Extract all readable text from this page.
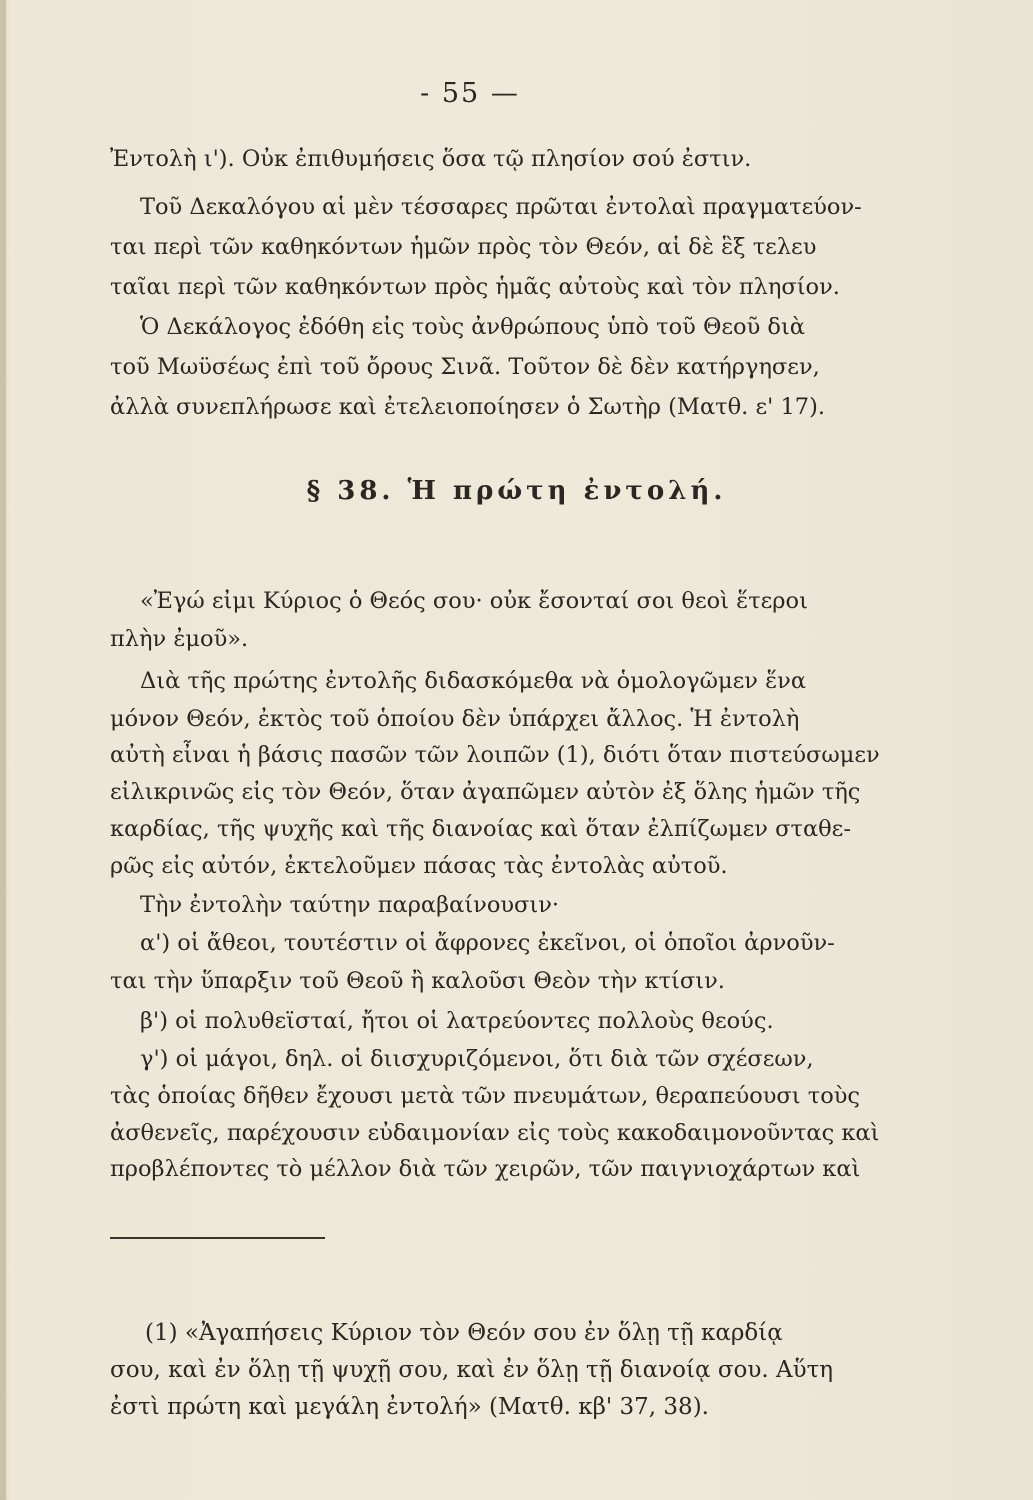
- 55 —
Ἐντολὴ ι'). Οὐκ ἐπιθυμήσεις ὅσα τῷ πλησίον σού ἐστιν.
Τοῦ Δεκαλόγου αἱ μὲν τέσσαρες πρῶται ἐντολαὶ πραγματεύον-
ται περὶ τῶν καθηκόντων ἡμῶν πρὸς τὸν Θεόν, αἱ δὲ ἓξ τελευ
ταῖαι περὶ τῶν καθηκόντων πρὸς ἡμᾶς αὐτοὺς καὶ τὸν πλησίον.
Ὁ Δεκάλογος ἐδόθη εἰς τοὺς ἀνθρώπους ὑπὸ τοῦ Θεοῦ διὰ
τοῦ Μωϋσέως ἐπὶ τοῦ ὄρους Σινᾶ. Τοῦτον δὲ δὲν κατήργησεν,
ἀλλὰ συνεπλήρωσε καὶ ἐτελειοποίησεν ὁ Σωτὴρ (Ματθ. ε' 17).
§ 38. Ἡ πρώτη ἐντολή.
«Ἐγώ εἰμι Κύριος ὁ Θεός σου· οὐκ ἔσονταί σοι θεοὶ ἕτεροι
πλὴν ἐμοῦ».
Διὰ τῆς πρώτης ἐντολῆς διδασκόμεθα νὰ ὁμολογῶμεν ἕνα
μόνον Θεόν, ἐκτὸς τοῦ ὁποίου δὲν ὑπάρχει ἄλλος. Ἡ ἐντολὴ
αὐτὴ εἶναι ἡ βάσις πασῶν τῶν λοιπῶν (1), διότι ὅταν πιστεύσωμεν
εἰλικρινῶς εἰς τὸν Θεόν, ὅταν ἀγαπῶμεν αὐτὸν ἐξ ὅλης ἡμῶν τῆς
καρδίας, τῆς ψυχῆς καὶ τῆς διανοίας καὶ ὅταν ἐλπίζωμεν σταθε-
ρῶς εἰς αὐτόν, ἐκτελοῦμεν πάσας τὰς ἐντολὰς αὐτοῦ.
Τὴν ἐντολὴν ταύτην παραβαίνουσιν·
α') οἱ ἄθεοι, τουτέστιν οἱ ἄφρονες ἐκεῖνοι, οἱ ὁποῖοι ἀρνοῦν-
ται τὴν ὕπαρξιν τοῦ Θεοῦ ἢ καλοῦσι Θεὸν τὴν κτίσιν.
β') οἱ πολυθεϊσταί, ἤτοι οἱ λατρεύοντες πολλοὺς θεούς.
γ') οἱ μάγοι, δηλ. οἱ διισχυριζόμενοι, ὅτι διὰ τῶν σχέσεων,
τὰς ὁποίας δῆθεν ἔχουσι μετὰ τῶν πνευμάτων, θεραπεύουσι τοὺς
ἀσθενεῖς, παρέχουσιν εὐδαιμονίαν εἰς τοὺς κακοδαιμονοῦντας καὶ
προβλέποντες τὸ μέλλον διὰ τῶν χειρῶν, τῶν παιγνιοχάρτων καὶ
(1) «Ἀγαπήσεις Κύριον τὸν Θεόν σου ἐν ὅλῃ τῇ καρδίᾳ
σου, καὶ ἐν ὅλῃ τῇ ψυχῇ σου, καὶ ἐν ὅλῃ τῇ διανοίᾳ σου. Αὕτη
ἐστὶ πρώτη καὶ μεγάλη ἐντολή» (Ματθ. κβ' 37, 38).
